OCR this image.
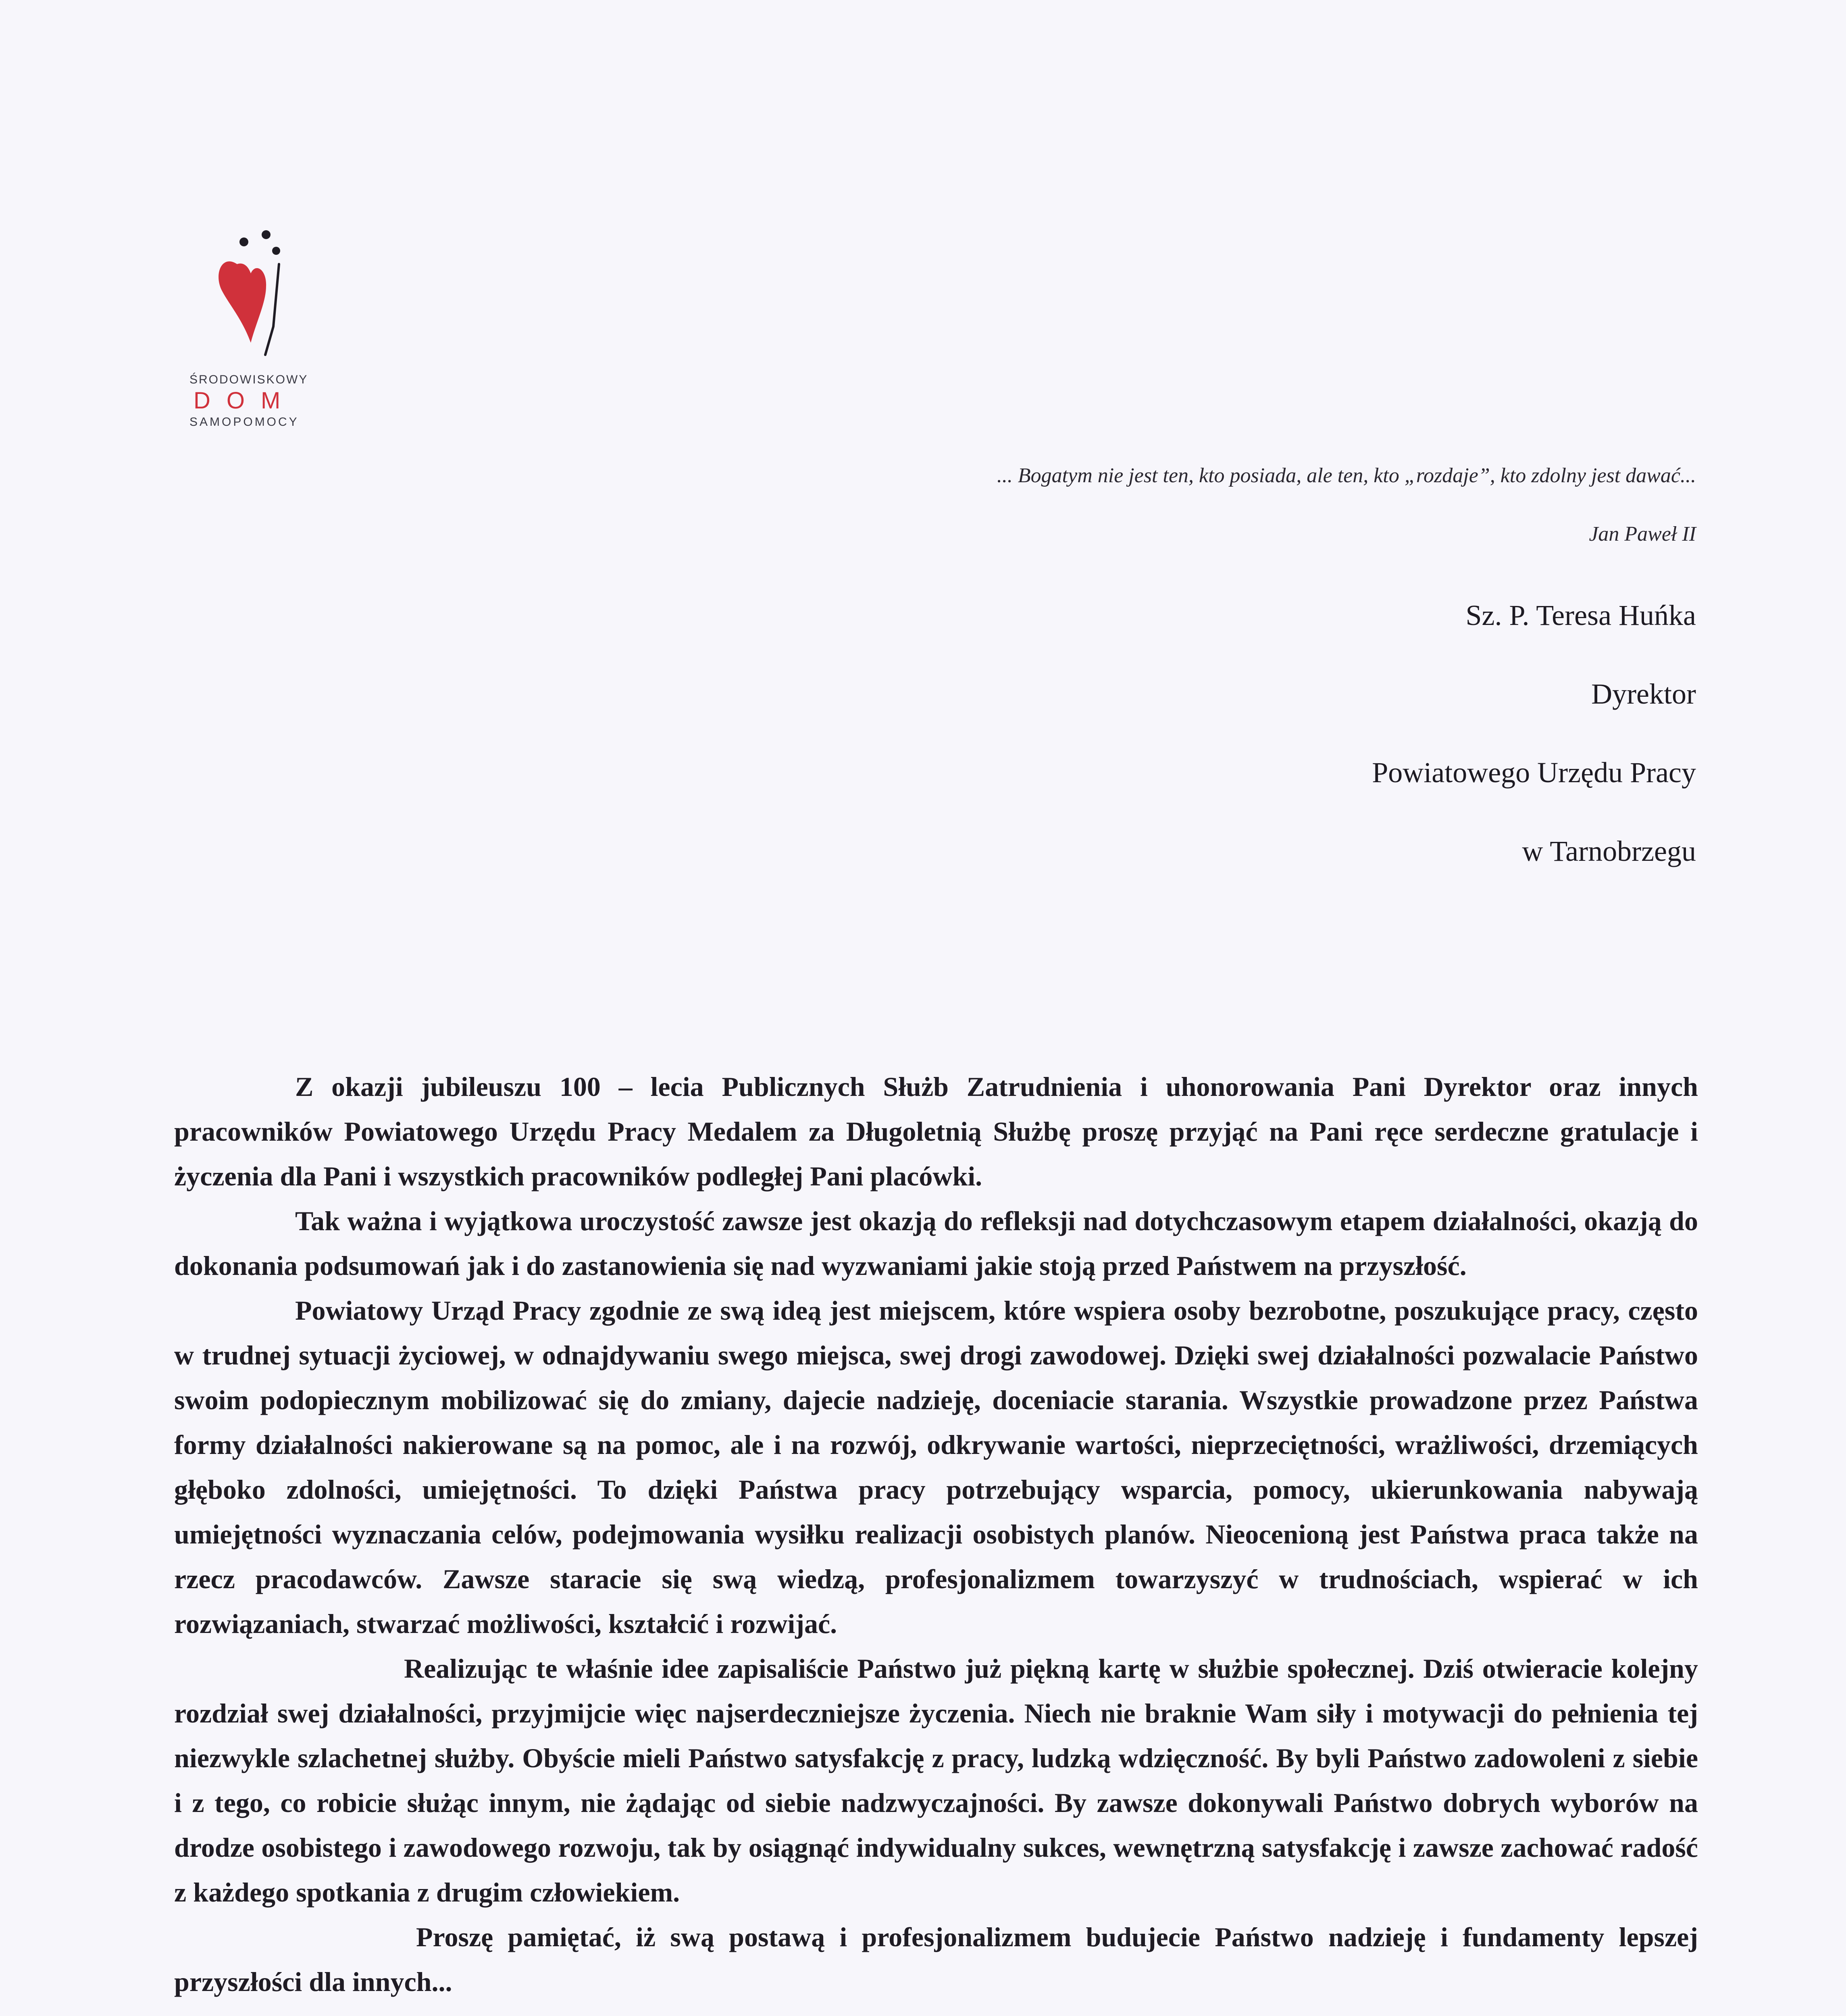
ŚRODOWISKOWY
DOM
SAMOPOMOCY
... Bogatym nie jest ten, kto posiada, ale ten, kto „rozdaje”, kto zdolny jest dawać...
Jan Paweł II
Sz. P. Teresa Huńka
Dyrektor
Powiatowego Urzędu Pracy
w Tarnobrzegu

Z okazji jubileuszu 100 – lecia Publicznych Służb Zatrudnienia i uhonorowania Pani Dyrektor oraz innych pracowników Powiatowego Urzędu Pracy Medalem za Długoletnią Służbę proszę przyjąć na Pani ręce serdeczne gratulacje i życzenia dla Pani i wszystkich pracowników podległej Pani placówki.

Tak ważna i wyjątkowa uroczystość zawsze jest okazją do refleksji nad dotychczasowym etapem działalności, okazją do dokonania podsumowań jak i do zastanowienia się nad wyzwaniami jakie stoją przed Państwem na przyszłość.

Powiatowy Urząd Pracy zgodnie ze swą ideą jest miejscem, które wspiera osoby bezrobotne, poszukujące pracy, często w trudnej sytuacji życiowej, w odnajdywaniu swego miejsca, swej drogi zawodowej. Dzięki swej działalności pozwalacie Państwo swoim podopiecznym mobilizować się do zmiany, dajecie nadzieję, doceniacie starania. Wszystkie prowadzone przez Państwa formy działalności nakierowane są na pomoc, ale i na rozwój, odkrywanie wartości, nieprzeciętności, wrażliwości, drzemiących głęboko zdolności, umiejętności. To dzięki Państwa pracy potrzebujący wsparcia, pomocy, ukierunkowania nabywają umiejętności wyznaczania celów, podejmowania wysiłku realizacji osobistych planów. Nieocenioną jest Państwa praca także na rzecz pracodawców. Zawsze staracie się swą wiedzą, profesjonalizmem towarzyszyć w trudnościach, wspierać w ich rozwiązaniach, stwarzać możliwości, kształcić i rozwijać.

Realizując te właśnie idee zapisaliście Państwo już piękną kartę w służbie społecznej. Dziś otwieracie kolejny rozdział swej działalności, przyjmijcie więc najserdeczniejsze życzenia. Niech nie braknie Wam siły i motywacji do pełnienia tej niezwykle szlachetnej służby. Obyście mieli Państwo satysfakcję z pracy, ludzką wdzięczność. By byli Państwo zadowoleni z siebie i z tego, co robicie służąc innym, nie żądając od siebie nadzwyczajności. By zawsze dokonywali Państwo dobrych wyborów na drodze osobistego i zawodowego rozwoju, tak by osiągnąć indywidualny sukces, wewnętrzną satysfakcję i zawsze zachować radość z każdego spotkania z drugim człowiekiem.

Proszę pamiętać, iż swą postawą i profesjonalizmem budujecie Państwo nadzieję i fundamenty lepszej przyszłości dla innych...
